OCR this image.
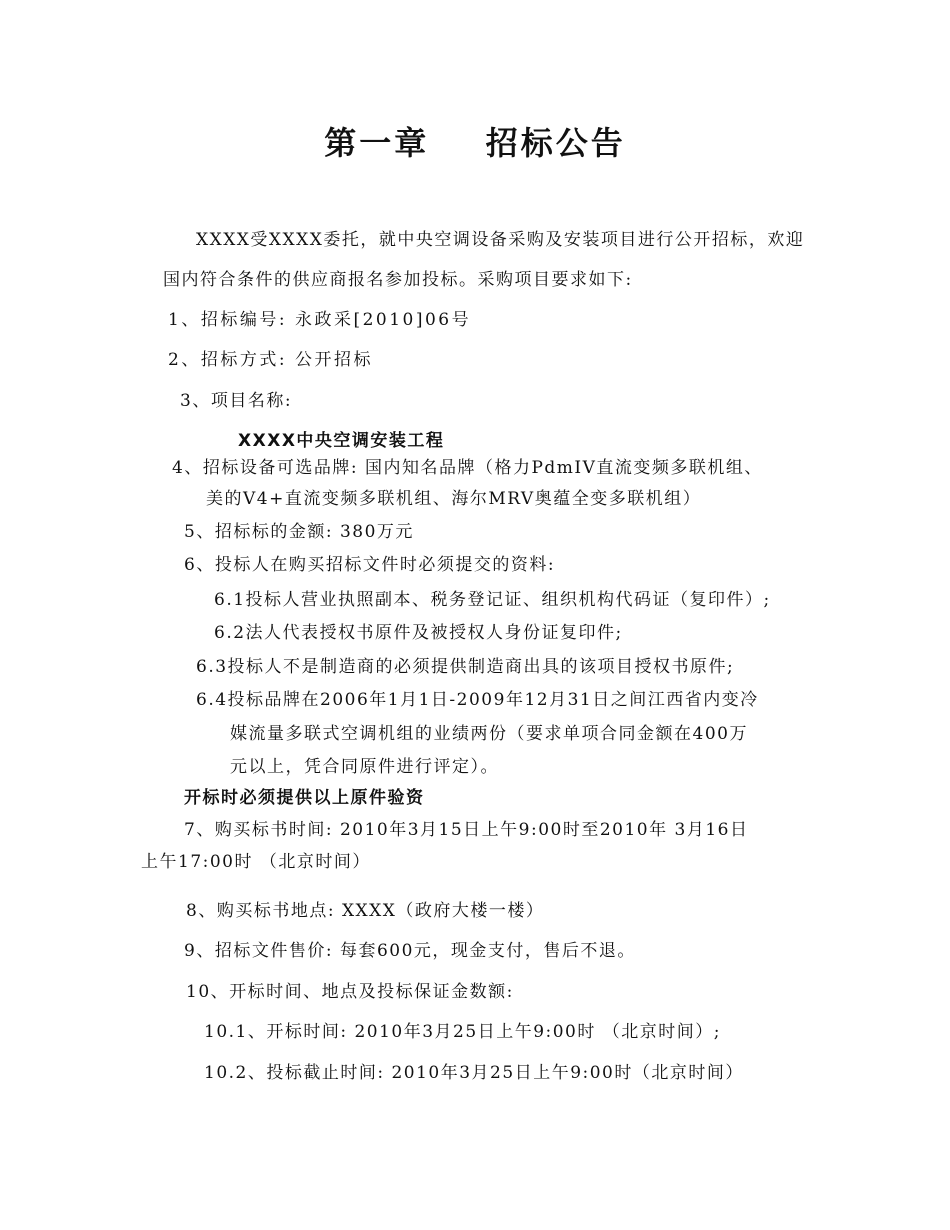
第一章    招标公告
XXXX受XXXX委托，就中央空调设备采购及安装项目进行公开招标，欢迎
国内符合条件的供应商报名参加投标。采购项目要求如下:
1、招标编号: 永政采[2010]06号
2、招标方式: 公开招标
3、项目名称:
XXXX中央空调安装工程
4、招标设备可选品牌: 国内知名品牌（格力PdmIV直流变频多联机组、
美的V4+直流变频多联机组、海尔MRV奥蕴全变多联机组）
5、招标标的金额: 380万元
6、投标人在购买招标文件时必须提交的资料:
6.1投标人营业执照副本、税务登记证、组织机构代码证（复印件）;
6.2法人代表授权书原件及被授权人身份证复印件;
6.3投标人不是制造商的必须提供制造商出具的该项目授权书原件;
6.4投标品牌在2006年1月1日-2009年12月31日之间江西省内变冷
媒流量多联式空调机组的业绩两份（要求单项合同金额在400万
元以上，凭合同原件进行评定）。
开标时必须提供以上原件验资
7、购买标书时间: 2010年3月15日上午9:00时至2010年 3月16日
上午17:00时 （北京时间）
8、购买标书地点: XXXX（政府大楼一楼）
9、招标文件售价: 每套600元，现金支付，售后不退。
10、开标时间、地点及投标保证金数额:
10.1、开标时间: 2010年3月25日上午9:00时 （北京时间）;
10.2、投标截止时间: 2010年3月25日上午9:00时（北京时间）
